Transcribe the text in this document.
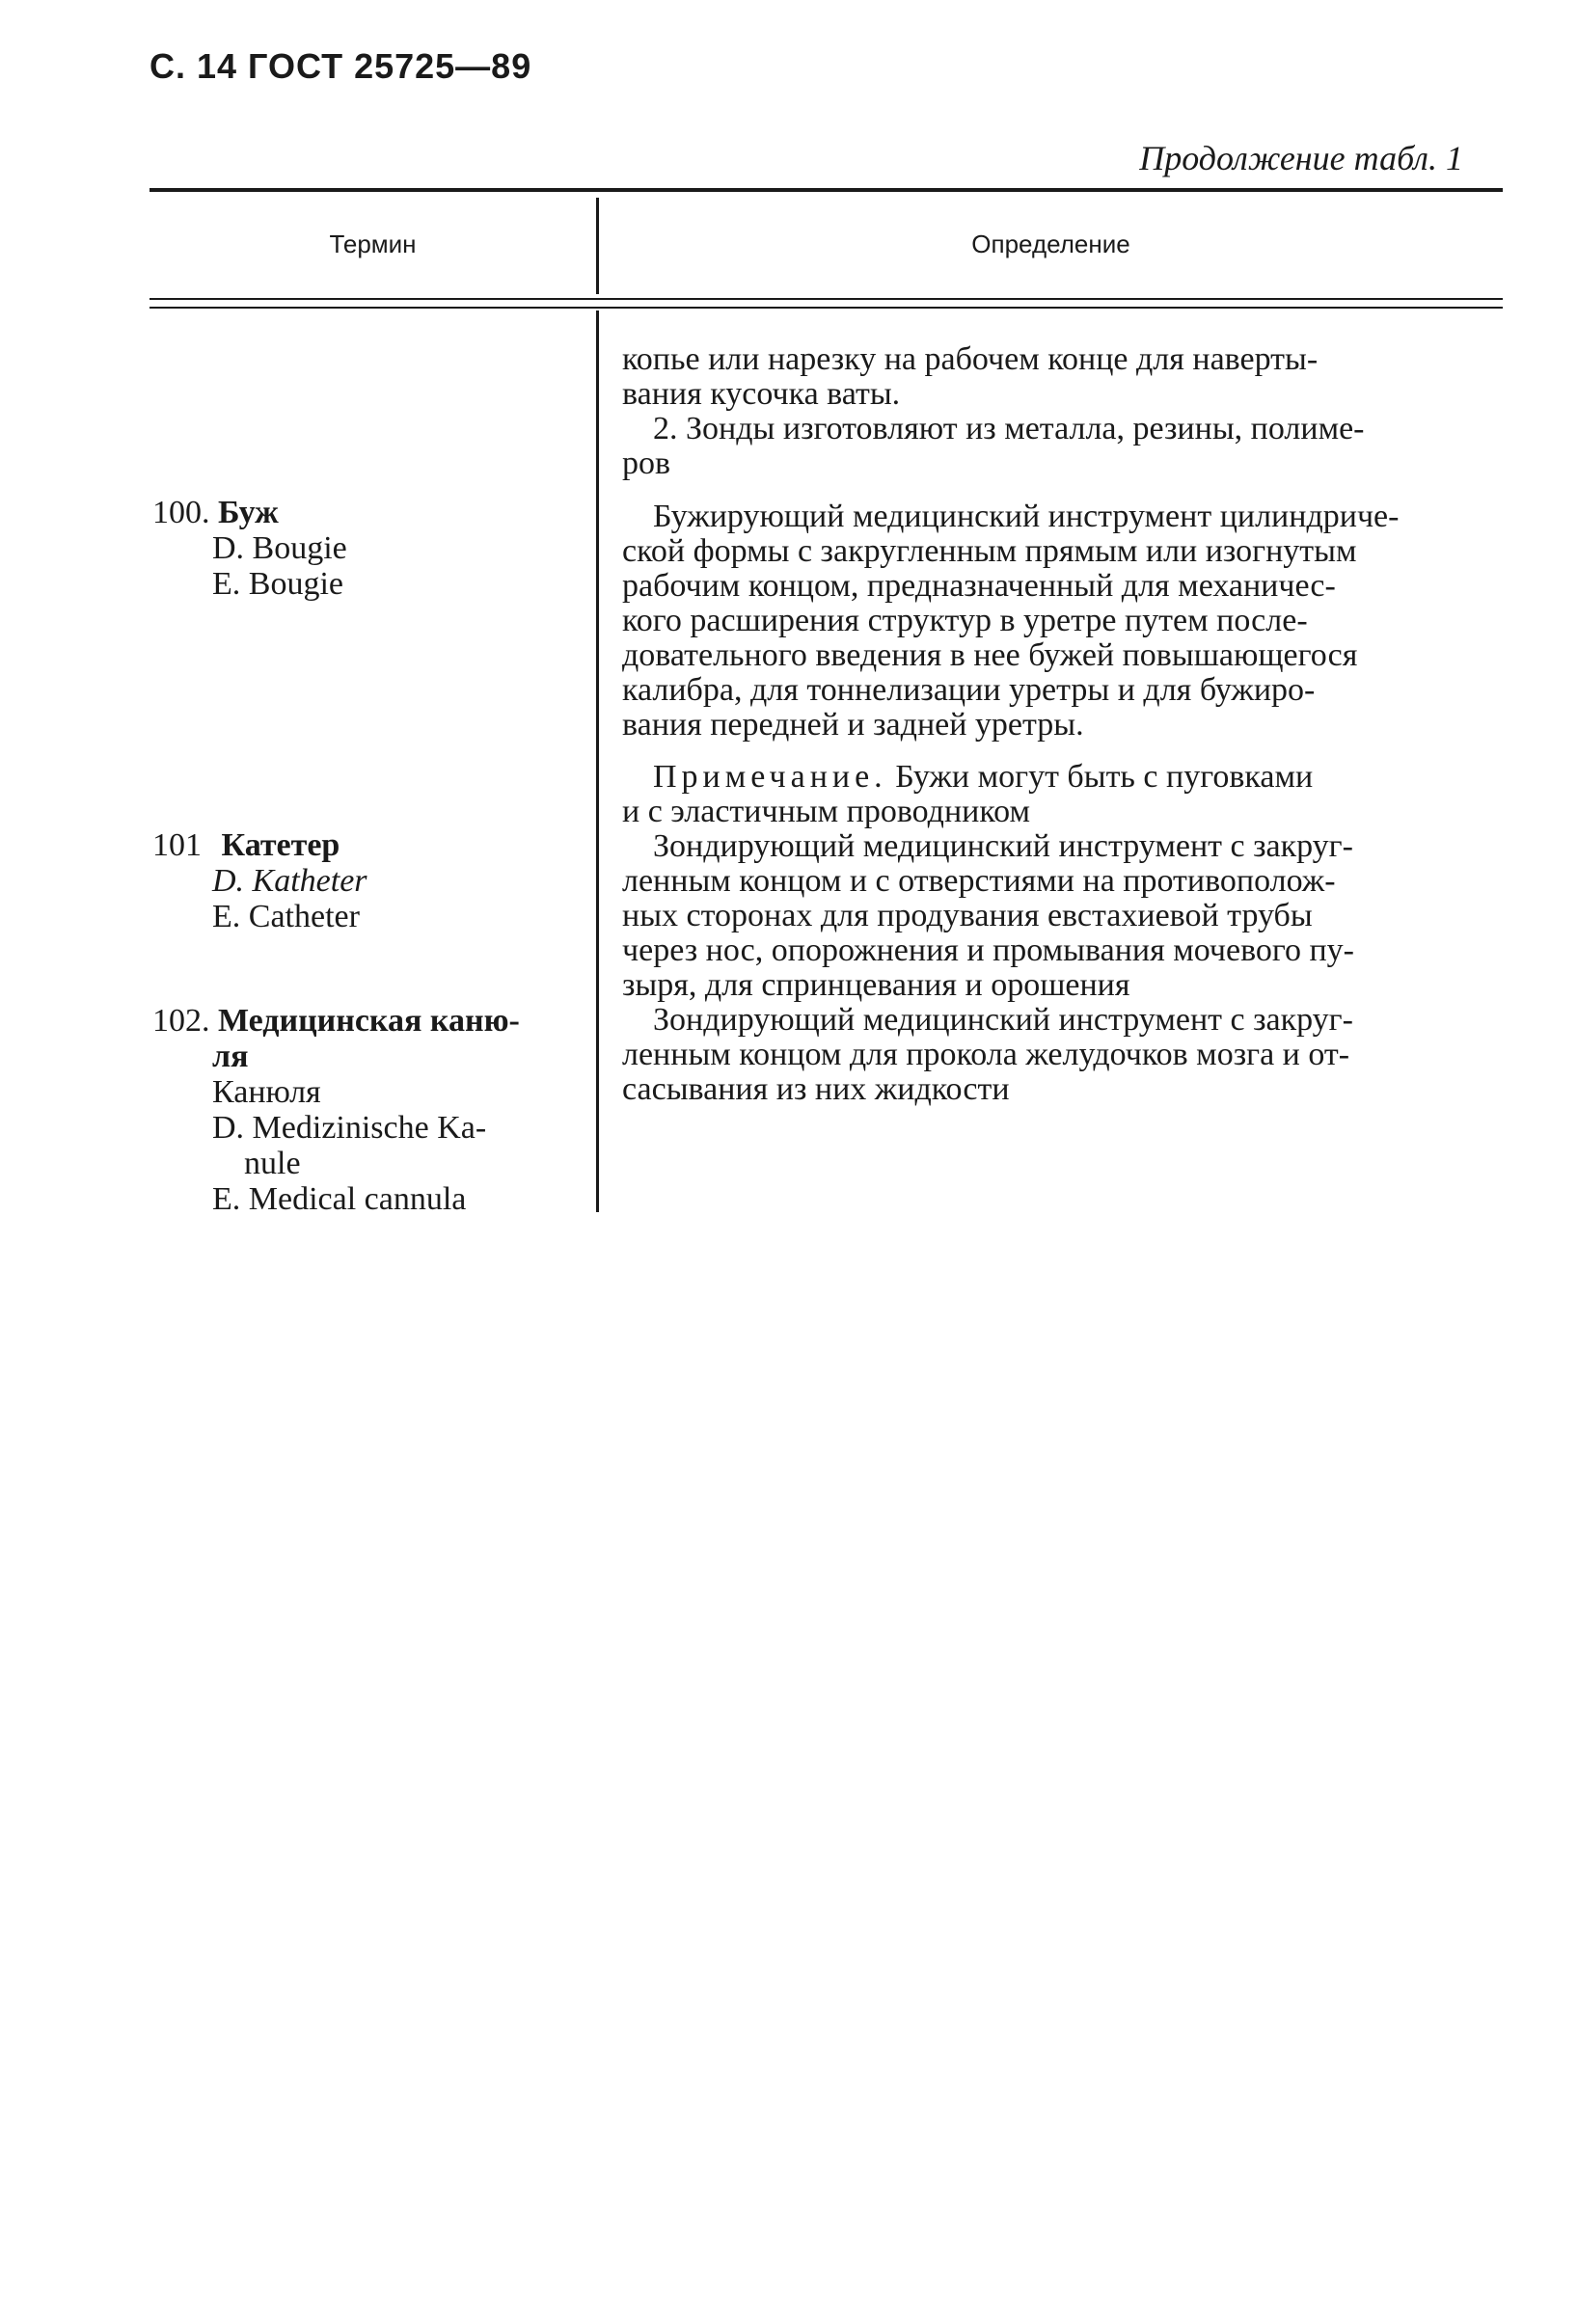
С. 14 ГОСТ 25725—89
Продолжение табл. 1
Термин	Определение
копье или нарезку на рабочем конце для наверты-
вания кусочка ваты.
2. Зонды изготовляют из металла, резины, полиме-
ров
100. Буж
D. Bougie
E. Bougie
Бужирующий медицинский инструмент цилиндриче-
ской формы с закругленным прямым или изогнутым
рабочим концом, предназначенный для механичес-
кого расширения структур в уретре путем после-
довательного введения в нее бужей повышающегося
калибра, для тоннелизации уретры и для бужиро-
вания передней и задней уретры.
Примечание. Бужи могут быть с пуговками
и с эластичным проводником
101 Катетер
D. Katheter
E. Catheter
Зондирующий медицинский инструмент с закруг-
ленным концом и с отверстиями на противополож-
ных сторонах для продувания евстахиевой трубы
через нос, опорожнения и промывания мочевого пу-
зыря, для спринцевания и орошения
102. Медицинская каню-
ля
Канюля
D. Medizinische Ka-
nule
E. Medical cannula
Зондирующий медицинский инструмент с закруг-
ленным концом для прокола желудочков мозга и от-
сасывания из них жидкости
